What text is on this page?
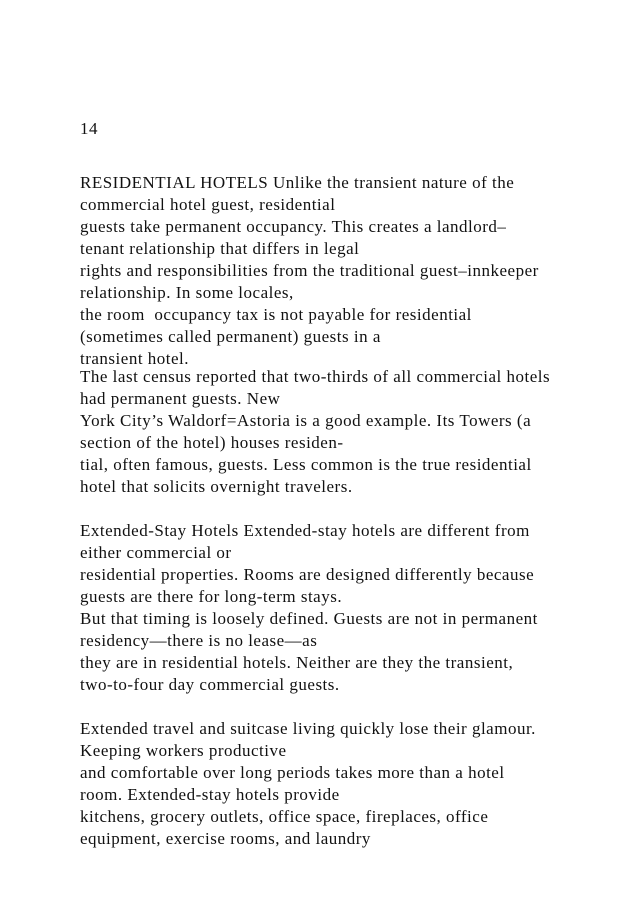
14

RESIDENTIAL HOTELS Unlike the transient nature of the

commercial hotel guest, residential

guests take permanent occupancy. This creates a landlord–

tenant relationship that differs in legal

rights and responsibilities from the traditional guest–innkeeper

relationship. In some locales,

the room  occupancy tax is not payable for residential

(sometimes called permanent) guests in a

transient hotel.

The last census reported that two-thirds of all commercial hotels

had permanent guests. New

York City’s Waldorf=Astoria is a good example. Its Towers (a

section of the hotel) houses residen-

tial, often famous, guests. Less common is the true residential

hotel that solicits overnight travelers.

Extended-Stay Hotels Extended-stay hotels are different from

either commercial or

residential properties. Rooms are designed differently because

guests are there for long-term stays.

But that timing is loosely defined. Guests are not in permanent

residency—there is no lease—as

they are in residential hotels. Neither are they the transient,

two-to-four day commercial guests.

Extended travel and suitcase living quickly lose their glamour.

Keeping workers productive

and comfortable over long periods takes more than a hotel

room. Extended-stay hotels provide

kitchens, grocery outlets, office space, fireplaces, office

equipment, exercise rooms, and laundry
